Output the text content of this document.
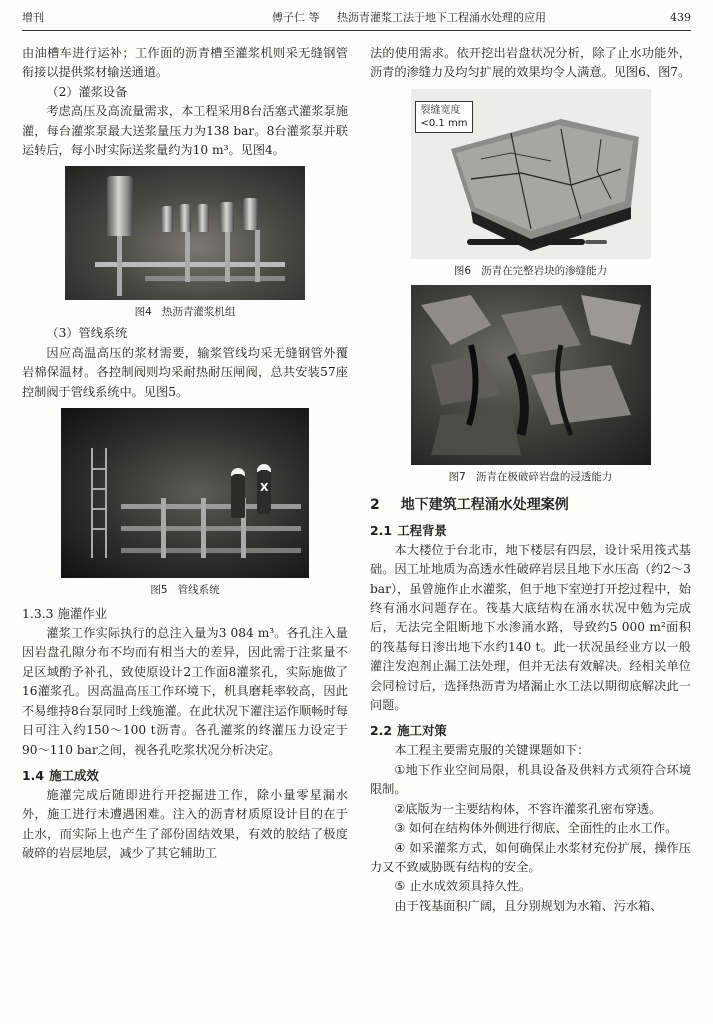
增刊	傅子仁 等 热沥青灌浆工法于地下工程涌水处理的应用	439

由油槽车进行运补；工作面的沥青槽至灌浆机则采无缝钢管衔接以提供浆材输送通道。

（2）灌浆设备

考虑高压及高流量需求，本工程采用8台活塞式灌浆泵施灌，每台灌浆泵最大送浆量压力为138 bar。8台灌浆泵并联运转后，每小时实际送浆量约为10 m³。见图4。

图4 热沥青灌浆机组

（3）管线系统

因应高温高压的浆材需要，输浆管线均采无缝钢管外覆岩棉保温材。各控制阀则均采耐热耐压闸阀，总共安装57座控制阀于管线系统中。见图5。

X
图5 管线系统
1.3.3 施灌作业

灌浆工作实际执行的总注入量为3 084 m³。各孔注入量因岩盘孔隙分布不均而有相当大的差异，因此需于注浆量不足区域酌予补孔，致使原设计2工作面8灌浆孔，实际施做了16灌浆孔。因高温高压工作环境下，机具磨耗率较高，因此不易维持8台泵同时上线施灌。在此状况下灌注运作顺畅时每日可注入约150～100 t沥青。各孔灌浆的终灌压力设定于90～110 bar之间，视各孔吃浆状况分析决定。

1.4 施工成效

施灌完成后随即进行开挖掘进工作，除小量零星漏水外，施工进行未遭遇困难。注入的沥青材质原设计目的在于止水，而实际上也产生了部份固结效果，有效的胶结了极度破碎的岩层地层，减少了其它辅助工

法的使用需求。依开挖出岩盘状况分析，除了止水功能外，沥青的渗缝力及均匀扩展的效果均令人满意。见图6、图7。

裂缝宽度
<0.1 mm
图6 沥青在完整岩块的渗缝能力
图7 沥青在极破碎岩盘的浸透能力
2 地下建筑工程涌水处理案例
2.1 工程背景

本大楼位于台北市，地下楼层有四层，设计采用筏式基础。因工址地质为高透水性破碎岩层且地下水压高（约2～3 bar），虽曾施作止水灌浆，但于地下室逆打开挖过程中，始终有涌水问题存在。筏基大底结构在涌水状况中勉为完成后，无法完全阻断地下水渗涌水路，导致约5 000 m²面积的筏基每日渗出地下水约140 t。此一状况虽经业方以一般灌注发泡剂止漏工法处理，但并无法有效解决。经相关单位会同检讨后，选择热沥青为堵漏止水工法以期彻底解决此一问题。

2.2 施工对策

本工程主要需克服的关键课题如下：

①地下作业空间局限，机具设备及供料方式须符合环境限制。

②底版为一主要结构体，不容许灌浆孔密布穿透。

③ 如何在结构体外侧进行彻底、全面性的止水工作。

④ 如采灌浆方式，如何确保止水浆材充份扩展，操作压力又不致威胁既有结构的安全。

⑤ 止水成效须具持久性。

由于筏基面积广阔，且分别规划为水箱、污水箱、
